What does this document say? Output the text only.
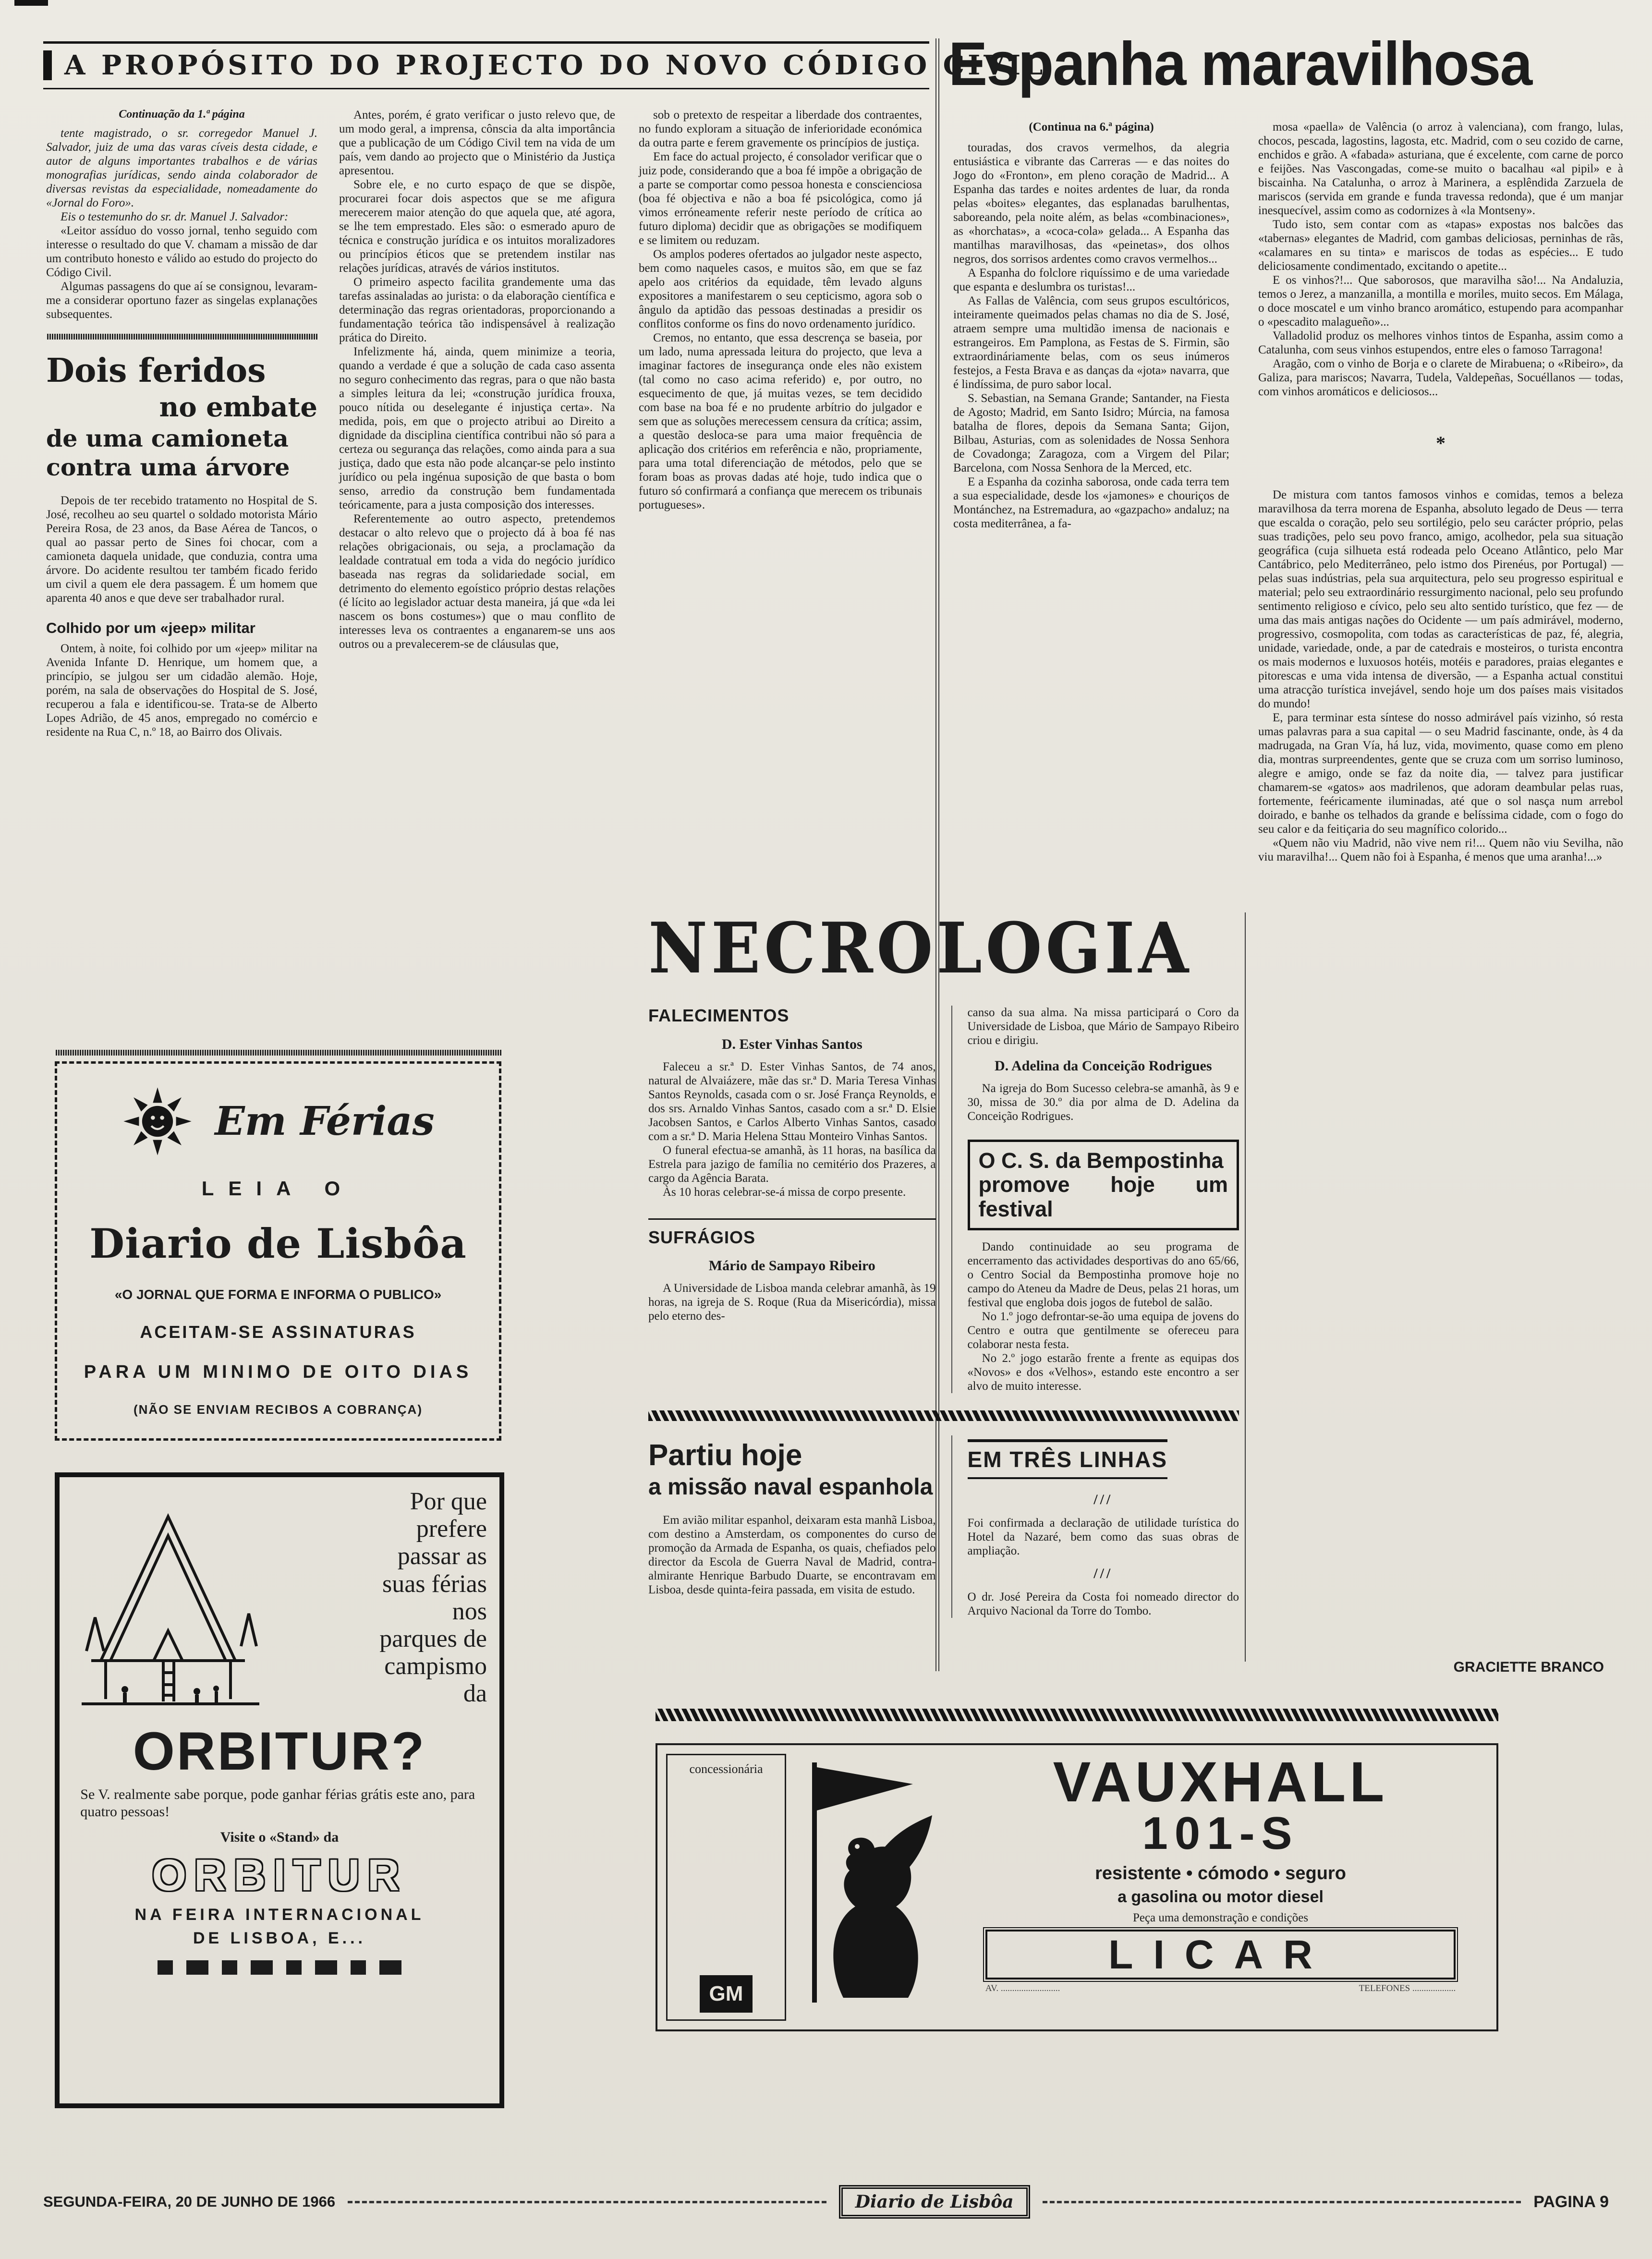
A PROPÓSITO DO PROJECTO DO NOVO CÓDIGO CIVIL
Espanha maravilhosa

Continuação da 1.ª página

tente magistrado, o sr. corregedor Manuel J. Salvador, juiz de uma das varas cíveis desta cidade, e autor de alguns importantes trabalhos e de várias monografias jurídicas, sendo ainda colaborador de diversas revistas da especialidade, nomeadamente do «Jornal do Foro».

Eis o testemunho do sr. dr. Manuel J. Salvador:

«Leitor assíduo do vosso jornal, tenho seguido com interesse o resultado do que V. chamam a missão de dar um contributo honesto e válido ao estudo do projecto do Código Civil.

Algumas passagens do que aí se consignou, levaram-me a considerar oportuno fazer as singelas explanações subsequentes.

Dois feridos
no embate
de uma camioneta
contra uma árvore

Depois de ter recebido tratamento no Hospital de S. José, recolheu ao seu quartel o soldado motorista Mário Pereira Rosa, de 23 anos, da Base Aérea de Tancos, o qual ao passar perto de Sines foi chocar, com a camioneta daquela unidade, que conduzia, contra uma árvore. Do acidente resultou ter também ficado ferido um civil a quem ele dera passagem. É um homem que aparenta 40 anos e que deve ser trabalhador rural.

Colhido por um «jeep» militar

Ontem, à noite, foi colhido por um «jeep» militar na Avenida Infante D. Henrique, um homem que, a princípio, se julgou ser um cidadão alemão. Hoje, porém, na sala de observações do Hospital de S. José, recuperou a fala e identificou-se. Trata-se de Alberto Lopes Adrião, de 45 anos, empregado no comércio e residente na Rua C, n.º 18, ao Bairro dos Olivais.

Antes, porém, é grato verificar o justo relevo que, de um modo geral, a imprensa, cônscia da alta importância que a publicação de um Código Civil tem na vida de um país, vem dando ao projecto que o Ministério da Justiça apresentou.

Sobre ele, e no curto espaço de que se dispõe, procurarei focar dois aspectos que se me afigura merecerem maior atenção do que aquela que, até agora, se lhe tem emprestado. Eles são: o esmerado apuro de técnica e construção jurídica e os intuitos moralizadores ou princípios éticos que se pretendem instilar nas relações jurídicas, através de vários institutos.

O primeiro aspecto facilita grandemente uma das tarefas assinaladas ao jurista: o da elaboração científica e determinação das regras orientadoras, proporcionando a fundamentação teórica tão indispensável à realização prática do Direito.

Infelizmente há, ainda, quem minimize a teoria, quando a verdade é que a solução de cada caso assenta no seguro conhecimento das regras, para o que não basta a simples leitura da lei; «construção jurídica frouxa, pouco nítida ou deselegante é injustiça certa». Na medida, pois, em que o projecto atribui ao Direito a dignidade da disciplina científica contribui não só para a certeza ou segurança das relações, como ainda para a sua justiça, dado que esta não pode alcançar-se pelo instinto jurídico ou pela ingénua suposição de que basta o bom senso, arredio da construção bem fundamentada teóricamente, para a justa composição dos interesses.

Referentemente ao outro aspecto, pretendemos destacar o alto relevo que o projecto dá à boa fé nas relações obrigacionais, ou seja, a proclamação da lealdade contratual em toda a vida do negócio jurídico baseada nas regras da solidariedade social, em detrimento do elemento egoístico próprio destas relações (é lícito ao legislador actuar desta maneira, já que «da lei nascem os bons costumes») que o mau conflito de interesses leva os contraentes a enganarem-se uns aos outros ou a prevalecerem-se de cláusulas que,

sob o pretexto de respeitar a liberdade dos contraentes, no fundo exploram a situação de inferioridade económica da outra parte e ferem gravemente os princípios de justiça.

Em face do actual projecto, é consolador verificar que o juiz pode, considerando que a boa fé impõe a obrigação de a parte se comportar como pessoa honesta e conscienciosa (boa fé objectiva e não a boa fé psicológica, como já vimos erróneamente referir neste período de crítica ao futuro diploma) decidir que as obrigações se modifiquem e se limitem ou reduzam.

Os amplos poderes ofertados ao julgador neste aspecto, bem como naqueles casos, e muitos são, em que se faz apelo aos critérios da equidade, têm levado alguns expositores a manifestarem o seu cepticismo, agora sob o ângulo da aptidão das pessoas destinadas a presidir os conflitos conforme os fins do novo ordenamento jurídico.

Cremos, no entanto, que essa descrença se baseia, por um lado, numa apressada leitura do projecto, que leva a imaginar factores de insegurança onde eles não existem (tal como no caso acima referido) e, por outro, no esquecimento de que, já muitas vezes, se tem decidido com base na boa fé e no prudente arbítrio do julgador e sem que as soluções merecessem censura da crítica; assim, a questão desloca-se para uma maior frequência de aplicação dos critérios em referência e não, propriamente, para uma total diferenciação de métodos, pelo que se foram boas as provas dadas até hoje, tudo indica que o futuro só confirmará a confiança que merecem os tribunais portugueses».

(Continua na 6.ª página)

touradas, dos cravos vermelhos, da alegria entusiástica e vibrante das Carreras — e das noites do Jogo do «Fronton», em pleno coração de Madrid... A Espanha das tardes e noites ardentes de luar, da ronda pelas «boites» elegantes, das esplanadas barulhentas, saboreando, pela noite além, as belas «combinaciones», as «horchatas», a «coca-cola» gelada... A Espanha das mantilhas maravilhosas, das «peinetas», dos olhos negros, dos sorrisos ardentes como cravos vermelhos...

A Espanha do folclore riquíssimo e de uma variedade que espanta e deslumbra os turistas!...

As Fallas de Valência, com seus grupos escultóricos, inteiramente queimados pelas chamas no dia de S. José, atraem sempre uma multidão imensa de nacionais e estrangeiros. Em Pamplona, as Festas de S. Firmin, são extraordináriamente belas, com os seus inúmeros festejos, a Festa Brava e as danças da «jota» navarra, que é lindíssima, de puro sabor local.

S. Sebastian, na Semana Grande; Santander, na Fiesta de Agosto; Madrid, em Santo Isidro; Múrcia, na famosa batalha de flores, depois da Semana Santa; Gijon, Bilbau, Asturias, com as solenidades de Nossa Senhora de Covadonga; Zaragoza, com a Virgem del Pilar; Barcelona, com Nossa Senhora de la Merced, etc.

E a Espanha da cozinha saborosa, onde cada terra tem a sua especialidade, desde los «jamones» e chouriços de Montánchez, na Estremadura, ao «gazpacho» andaluz; na costa mediterrânea, a fa-

mosa «paella» de Valência (o arroz à valenciana), com frango, lulas, chocos, pescada, lagostins, lagosta, etc. Madrid, com o seu cozido de carne, enchidos e grão. A «fabada» asturiana, que é excelente, com carne de porco e feijões. Nas Vascongadas, come-se muito o bacalhau «al pipil» e à biscainha. Na Catalunha, o arroz à Marinera, a esplêndida Zarzuela de mariscos (servida em grande e funda travessa redonda), que é um manjar inesquecível, assim como as codornizes à «la Montseny».

Tudo isto, sem contar com as «tapas» expostas nos balcões das «tabernas» elegantes de Madrid, com gambas deliciosas, perninhas de rãs, «calamares en su tinta» e mariscos de todas as espécies... E tudo deliciosamente condimentado, excitando o apetite...

E os vinhos?!... Que saborosos, que maravilha são!... Na Andaluzia, temos o Jerez, a manzanilla, a montilla e moriles, muito secos. Em Málaga, o doce moscatel e um vinho branco aromático, estupendo para acompanhar o «pescadito malagueño»...

Valladolid produz os melhores vinhos tintos de Espanha, assim como a Catalunha, com seus vinhos estupendos, entre eles o famoso Tarragona!

Aragão, com o vinho de Borja e o clarete de Mirabuena; o «Ribeiro», da Galiza, para mariscos; Navarra, Tudela, Valdepeñas, Socuéllanos — todas, com vinhos aromáticos e deliciosos...

*

De mistura com tantos famosos vinhos e comidas, temos a beleza maravilhosa da terra morena de Espanha, absoluto legado de Deus — terra que escalda o coração, pelo seu sortilégio, pelo seu carácter próprio, pelas suas tradições, pelo seu povo franco, amigo, acolhedor, pela sua situação geográfica (cuja silhueta está rodeada pelo Oceano Atlântico, pelo Mar Cantábrico, pelo Mediterrâneo, pelo istmo dos Pirenéus, por Portugal) — pelas suas indústrias, pela sua arquitectura, pelo seu progresso espiritual e material; pelo seu extraordinário ressurgimento nacional, pelo seu profundo sentimento religioso e cívico, pelo seu alto sentido turístico, que fez — de uma das mais antigas nações do Ocidente — um país admirável, moderno, progressivo, cosmopolita, com todas as características de paz, fé, alegria, unidade, variedade, onde, a par de catedrais e mosteiros, o turista encontra os mais modernos e luxuosos hotéis, motéis e paradores, praias elegantes e pitorescas e uma vida intensa de diversão, — a Espanha actual constitui uma atracção turística invejável, sendo hoje um dos países mais visitados do mundo!

E, para terminar esta síntese do nosso admirável país vizinho, só resta umas palavras para a sua capital — o seu Madrid fascinante, onde, às 4 da madrugada, na Gran Vía, há luz, vida, movimento, quase como em pleno dia, montras surpreendentes, gente que se cruza com um sorriso luminoso, alegre e amigo, onde se faz da noite dia, — talvez para justificar chamarem-se «gatos» aos madrilenos, que adoram deambular pelas ruas, fortemente, feéricamente iluminadas, até que o sol nasça num arrebol doirado, e banhe os telhados da grande e belíssima cidade, com o fogo do seu calor e da feitiçaria do seu magnífico colorido...

«Quem não viu Madrid, não vive nem ri!... Quem não viu Sevilha, não viu maravilha!... Quem não foi à Espanha, é menos que uma aranha!...»

GRACIETTE BRANCO
NECROLOGIA
FALECIMENTOS
D. Ester Vinhas Santos

Faleceu a sr.ª D. Ester Vinhas Santos, de 74 anos, natural de Alvaiázere, mãe das sr.ª D. Maria Teresa Vinhas Santos Reynolds, casada com o sr. José França Reynolds, e dos srs. Arnaldo Vinhas Santos, casado com a sr.ª D. Elsie Jacobsen Santos, e Carlos Alberto Vinhas Santos, casado com a sr.ª D. Maria Helena Sttau Monteiro Vinhas Santos.

O funeral efectua-se amanhã, às 11 horas, na basílica da Estrela para jazigo de família no cemitério dos Prazeres, a cargo da Agência Barata.

Às 10 horas celebrar-se-á missa de corpo presente.

SUFRÁGIOS
Mário de Sampayo Ribeiro

A Universidade de Lisboa manda celebrar amanhã, às 19 horas, na igreja de S. Roque (Rua da Misericórdia), missa pelo eterno des-

canso da sua alma. Na missa participará o Coro da Universidade de Lisboa, que Mário de Sampayo Ribeiro criou e dirigiu.

D. Adelina da Conceição Rodrigues

Na igreja do Bom Sucesso celebra-se amanhã, às 9 e 30, missa de 30.º dia por alma de D. Adelina da Conceição Rodrigues.

O C. S. da Bempostinha
promove hoje um festival

Dando continuidade ao seu programa de encerramento das actividades desportivas do ano 65/66, o Centro Social da Bempostinha promove hoje no campo do Ateneu da Madre de Deus, pelas 21 horas, um festival que engloba dois jogos de futebol de salão.

No 1.º jogo defrontar-se-ão uma equipa de jovens do Centro e outra que gentilmente se ofereceu para colaborar nesta festa.

No 2.º jogo estarão frente a frente as equipas dos «Novos» e dos «Velhos», estando este encontro a ser alvo de muito interesse.

Partiu hoje
a missão naval espanhola

Em avião militar espanhol, deixaram esta manhã Lisboa, com destino a Amsterdam, os componentes do curso de promoção da Armada de Espanha, os quais, chefiados pelo director da Escola de Guerra Naval de Madrid, contra-almirante Henrique Barbudo Duarte, se encontravam em Lisboa, desde quinta-feira passada, em visita de estudo.

EM TRÊS LINHAS
///

Foi confirmada a declaração de utilidade turística do Hotel da Nazaré, bem como das suas obras de ampliação.

///

O dr. José Pereira da Costa foi nomeado director do Arquivo Nacional da Torre do Tombo.

Em Férias
LEIA O
Diario de Lisbôa
«O JORNAL QUE FORMA E INFORMA O PUBLICO»
ACEITAM-SE ASSINATURAS
PARA UM MINIMO DE OITO DIAS
(NÃO SE ENVIAM RECIBOS A COBRANÇA)
Por que
prefere
passar as
suas férias
nos
parques de
campismo
da
ORBITUR?

Se V. realmente sabe porque, pode ganhar férias grátis este ano, para quatro pessoas!

Visite o «Stand» da

ORBITUR
NA FEIRA INTERNACIONAL
DE LISBOA, E...
concessionária
GM
VAUXHALL
101-S
resistente • cómodo • seguro
a gasolina ou motor diesel
Peça uma demonstração e condições
LICAR
AV. ..........................	TELEFONES ...................
SEGUNDA-FEIRA, 20 DE JUNHO DE 1966	Diario de Lisbôa	PAGINA 9
